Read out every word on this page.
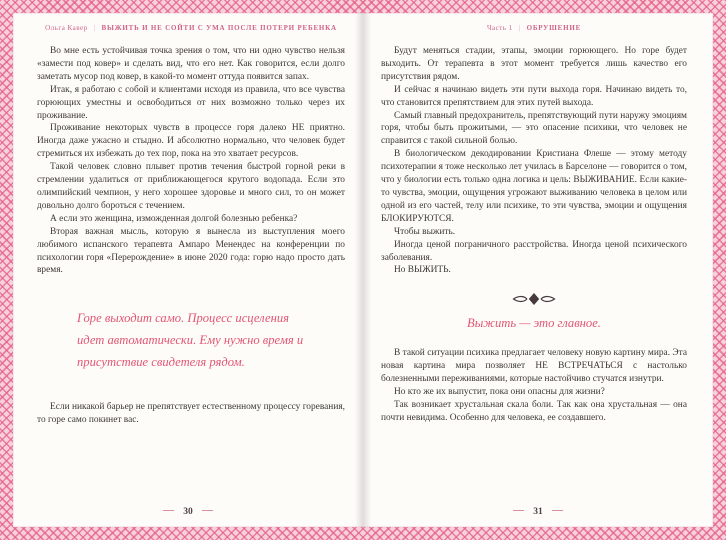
Ольга Кавер | ВЫЖИТЬ И НЕ СОЙТИ С УМА ПОСЛЕ ПОТЕРИ РЕБЕНКА

Во мне есть устойчивая точка зрения о том, что ни одно чувство нельзя «замести под ковер» и сделать вид, что его нет. Как говорится, если долго заметать мусор под ковер, в какой-то момент оттуда появится запах.

Итак, я работаю с собой и клиентами исходя из правила, что все чувства горюющих уместны и освободиться от них возможно только через их проживание.

Проживание некоторых чувств в процессе горя далеко НЕ приятно. Иногда даже ужасно и стыдно. И абсолютно нормально, что человек будет стремиться их избежать до тех пор, пока на это хватает ресурсов.

Такой человек словно плывет против течения быстрой горной реки в стремлении удалиться от приближающегося крутого водопада. Если это олимпийский чемпион, у него хорошее здоровье и много сил, то он может довольно долго бороться с течением.

А если это женщина, изможденная долгой болезнью ребенка?

Вторая важная мысль, которую я вынесла из выступления моего любимого испанского терапевта Ампаро Менендес на конференции по психологии горя «Перерождение» в июне 2020 года: горю надо просто дать время.

Горе выходит само. Процесс исцеления идет автоматически. Ему нужно время и присутствие свидетеля рядом.

Если никакой барьер не препятствует естественному процессу горевания, то горе само покинет вас.

30
Часть 1 | ОБРУШЕНИЕ

Будут меняться стадии, этапы, эмоции горюющего. Но горе будет выходить. От терапевта в этот момент требуется лишь качество его присутствия рядом.

И сейчас я начинаю видеть эти пути выхода горя. Начинаю видеть то, что становится препятствием для этих путей выхода.

Самый главный предохранитель, препятствующий пути наружу эмоциям горя, чтобы быть прожитыми, — это опасение психики, что человек не справится с такой сильной болью.

В биологическом декодировании Кристиана Флеше — этому методу психотерапии я тоже несколько лет училась в Барселоне — говорится о том, что у биологии есть только одна логика и цель: ВЫЖИВАНИЕ. Если какие-то чувства, эмоции, ощущения угрожают выживанию человека в целом или одной из его частей, телу или психике, то эти чувства, эмоции и ощущения БЛОКИРУЮТСЯ.

Чтобы выжить.

Иногда ценой пограничного расстройства. Иногда ценой психического заболевания.

Но ВЫЖИТЬ.

Выжить — это главное.

В такой ситуации психика предлагает человеку новую картину мира. Эта новая картина мира позволяет НЕ ВСТРЕЧАТЬСЯ с настолько болезненными переживаниями, которые настойчиво стучатся изнутри.

Но кто же их выпустит, пока они опасны для жизни?

Так возникает хрустальная скала боли. Так как она хрустальная — она почти невидима. Особенно для человека, ее создавшего.

31
